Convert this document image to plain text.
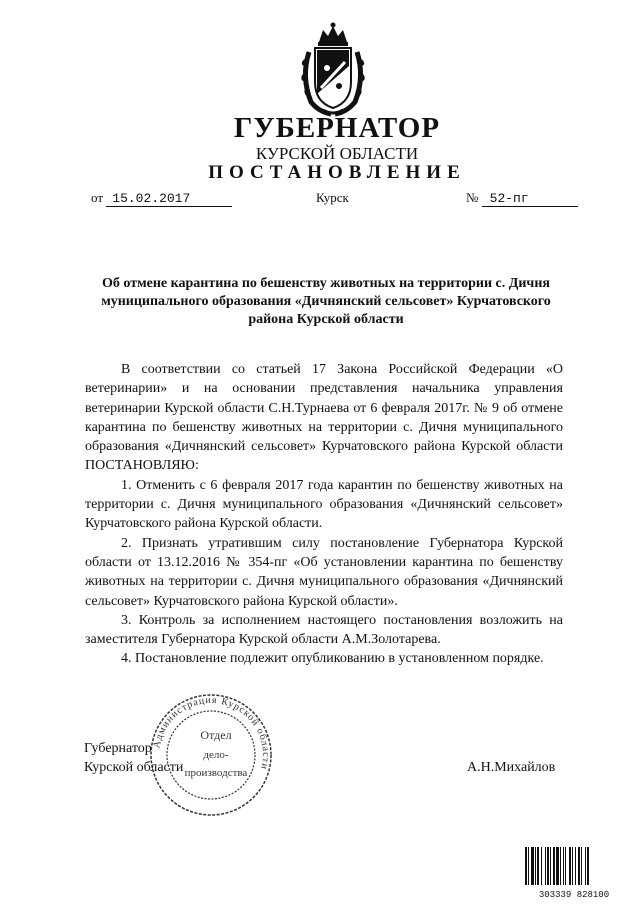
ГУБЕРНАТОР
КУРСКОЙ ОБЛАСТИ
ПОСТАНОВЛЕНИЕ
от 15.02.2017	Курск	№ 52-пг
Об отмене карантина по бешенству животных на территории с. Дичня муниципального образования «Дичнянский сельсовет» Курчатовского района Курской области

В соответствии со статьей 17 Закона Российской Федерации «О ветеринарии» и на основании представления начальника управления ветеринарии Курской области С.Н.Турнаева от 6 февраля 2017г. № 9 об отмене карантина по бешенству животных на территории с. Дичня муниципального образования «Дичнянский сельсовет» Курчатовского района Курской области ПОСТАНОВЛЯЮ:

1. Отменить с 6 февраля 2017 года карантин по бешенству животных на территории с. Дичня муниципального образования «Дичнянский сельсовет» Курчатовского района Курской области.

2. Признать утратившим силу постановление Губернатора Курской области от 13.12.2016 № 354-пг «Об установлении карантина по бешенству животных на территории с. Дичня муниципального образования «Дичнянский сельсовет» Курчатовского района Курской области».

3. Контроль за исполнением настоящего постановления возложить на заместителя Губернатора Курской области А.М.Золотарева.

4. Постановление подлежит опубликованию в установленном порядке.

Администрация Курской области
Отдел
дело-
производства
Губернатор
Курской области	А.Н.Михайлов
303339 828100
